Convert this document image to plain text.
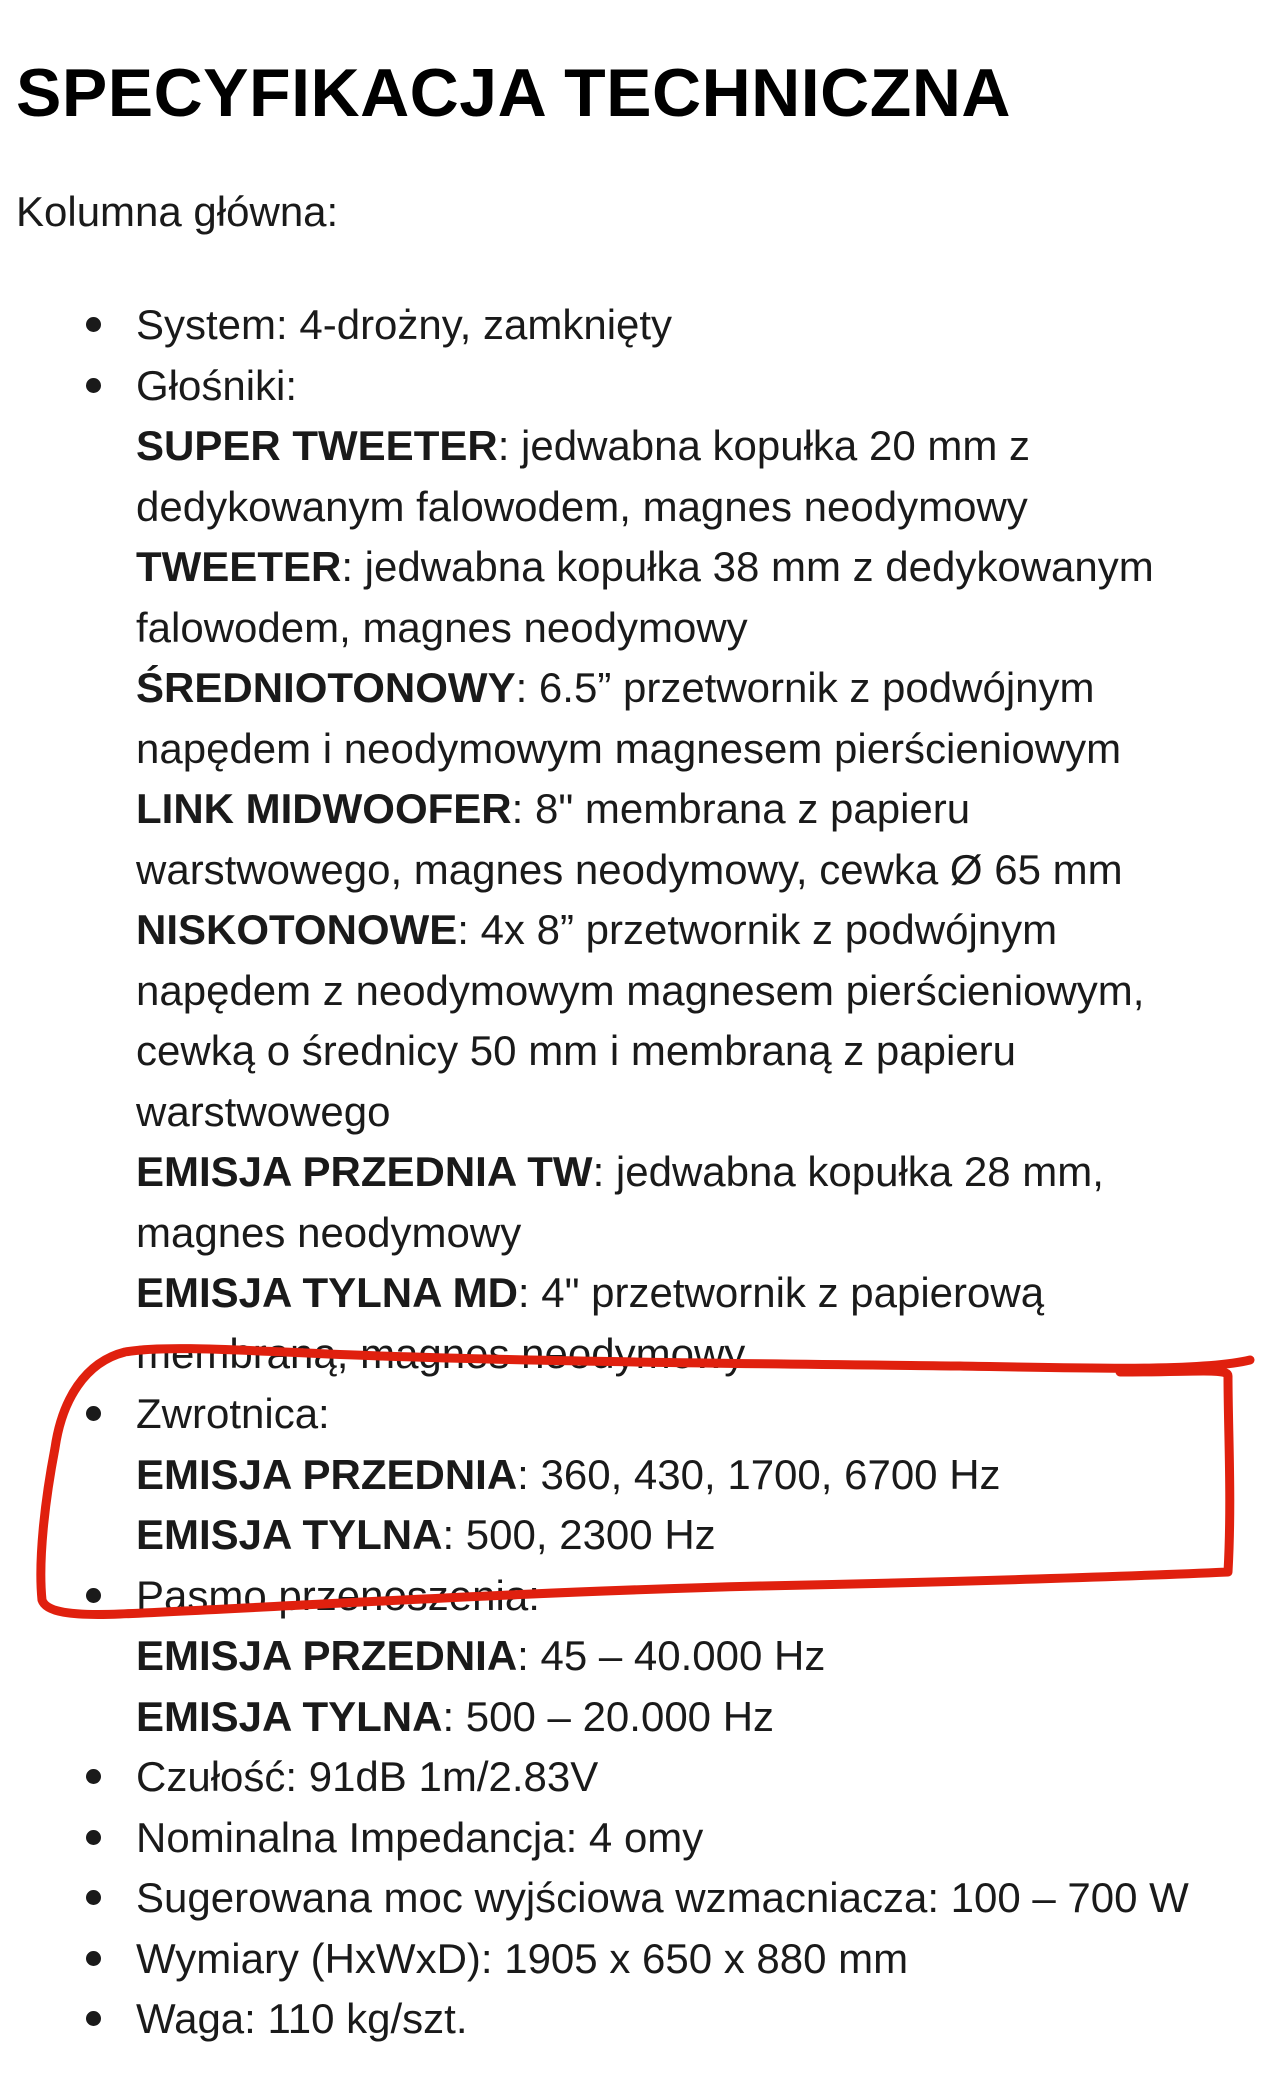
SPECYFIKACJA TECHNICZNA
Kolumna główna:
System: 4-drożny, zamknięty
Głośniki:
SUPER TWEETER: jedwabna kopułka 20 mm z
dedykowanym falowodem, magnes neodymowy
TWEETER: jedwabna kopułka 38 mm z dedykowanym
falowodem, magnes neodymowy
ŚREDNIOTONOWY: 6.5” przetwornik z podwójnym
napędem i neodymowym magnesem pierścieniowym
LINK MIDWOOFER: 8" membrana z papieru
warstwowego, magnes neodymowy, cewka Ø 65 mm
NISKOTONOWE: 4x 8” przetwornik z podwójnym
napędem z neodymowym magnesem pierścieniowym,
cewką o średnicy 50 mm i membraną z papieru
warstwowego
EMISJA PRZEDNIA TW: jedwabna kopułka 28 mm,
magnes neodymowy
EMISJA TYLNA MD: 4" przetwornik z papierową
membraną, magnes neodymowy
Zwrotnica:
EMISJA PRZEDNIA: 360, 430, 1700, 6700 Hz
EMISJA TYLNA: 500, 2300 Hz
Pasmo przenoszenia:
EMISJA PRZEDNIA: 45 – 40.000 Hz
EMISJA TYLNA: 500 – 20.000 Hz
Czułość: 91dB 1m/2.83V
Nominalna Impedancja: 4 omy
Sugerowana moc wyjściowa wzmacniacza: 100 – 700 W
Wymiary (HxWxD): 1905 x 650 x 880 mm
Waga: 110 kg/szt.
